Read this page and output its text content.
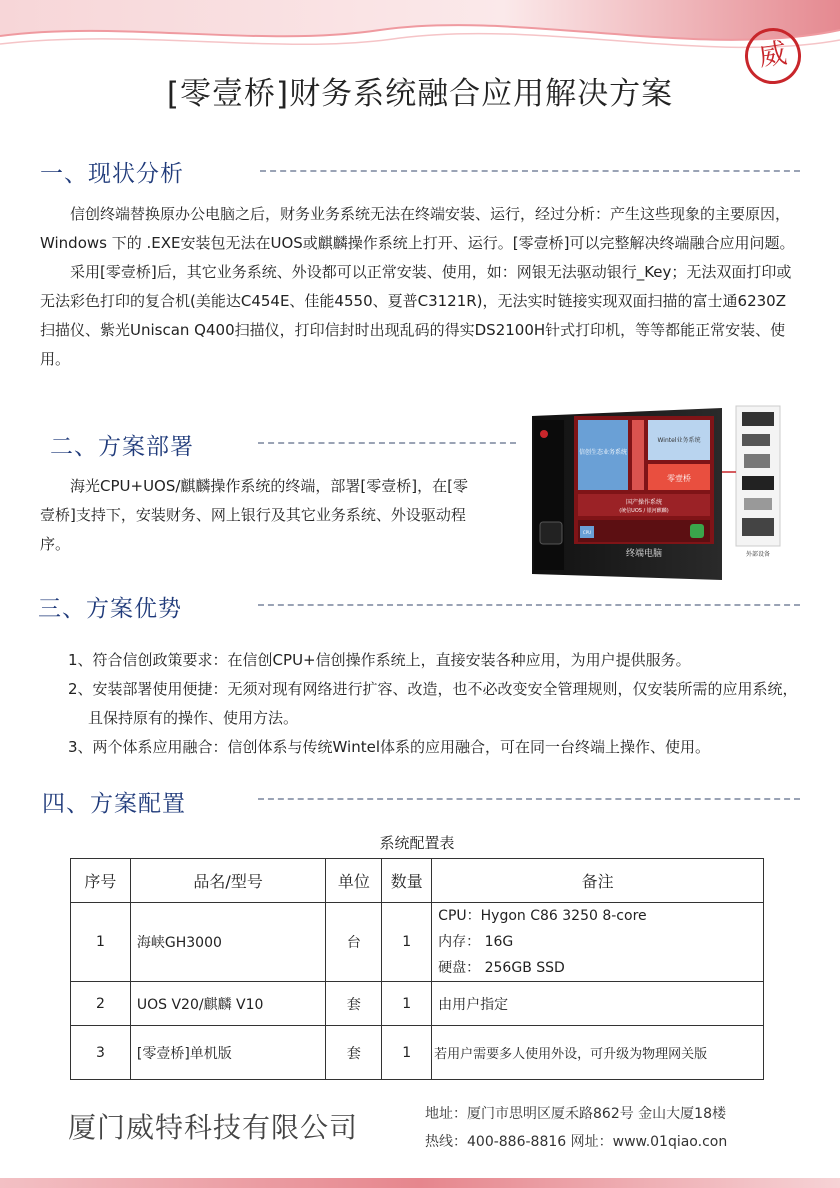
威
[零壹桥]财务系统融合应用解决方案
一、现状分析

信创终端替换原办公电脑之后，财务业务系统无法在终端安装、运行，经过分析：产生这些现象的主要原因，Windows 下的 .EXE安装包无法在UOS或麒麟操作系统上打开、运行。[零壹桥]可以完整解决终端融合应用问题。

采用[零壹桥]后，其它业务系统、外设都可以正常安装、使用，如：网银无法驱动银行_Key；无法双面打印或无法彩色打印的复合机(美能达C454E、佳能4550、夏普C3121R)，无法实时链接实现双面扫描的富士通6230Z扫描仪、紫光Uniscan Q400扫描仪，打印信封时出现乱码的得实DS2100H针式打印机，等等都能正常安装、使用。

二、方案部署

海光CPU+UOS/麒麟操作系统的终端，部署[零壹桥]，在[零壹桥]支持下，安装财务、网上银行及其它业务系统、外设驱动程序。

信创生态业务系统
Wintel业务系统
零壹桥
国产操作系统
(统信UOS / 银河麒麟)
CPU
终端电脑	外部设备
三、方案优势
1、符合信创政策要求：在信创CPU+信创操作系统上，直接安装各种应用，为用户提供服务。
2、安装部署使用便捷：无须对现有网络进行扩容、改造，也不必改变安全管理规则，仅安装所需的应用系统，且保持原有的操作、使用方法。
3、两个体系应用融合：信创体系与传统Wintel体系的应用融合，可在同一台终端上操作、使用。
四、方案配置
系统配置表
序号	品名/型号	单位	数量	备注
1	海峡GH3000	台	1	CPU：Hygon C86 3250 8-core
内存： 16G
硬盘： 256GB SSD

2	UOS V20/麒麟 V10	套	1	由用户指定
3	[零壹桥]单机版	套	1	若用户需要多人使用外设，可升级为物理网关版
厦门威特科技有限公司	地址：厦门市思明区厦禾路862号 金山大厦18楼
热线：400-886-8816 网址：www.01qiao.con
